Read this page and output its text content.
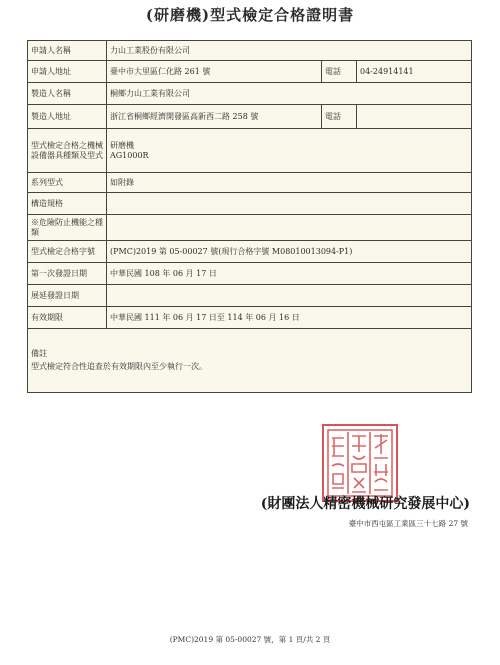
(研磨機)型式檢定合格證明書
申請人名稱	力山工業股份有限公司		
申請人地址	臺中市大里區仁化路 261 號	電話	04-24914141
製造人名稱	桐鄉力山工業有限公司		
製造人地址	浙江省桐鄉經濟開發區高新西二路 258 號	電話	
型式檢定合格之機械設備器具種類及型式	研磨機
AG1000R		
系列型式	如附錄		
構造規格			
※危險防止機能之種類			
型式檢定合格字號	(PMC)2019 第 05-00027 號(現行合格字號 M08010013094-P1)		
第一次發證日期	中華民國 108 年 06 月 17 日		
展延發證日期			
有效期限	中華民國 111 年 06 月 17 日至 114 年 06 月 16 日		

備註
型式檢定符合性追查於有效期限內至少執行一次。			
(財團法人精密機械研究發展中心)
臺中市西屯區工業區三十七路 27 號
(PMC)2019 第 05-00027 號，第 1 頁/共 2 頁
